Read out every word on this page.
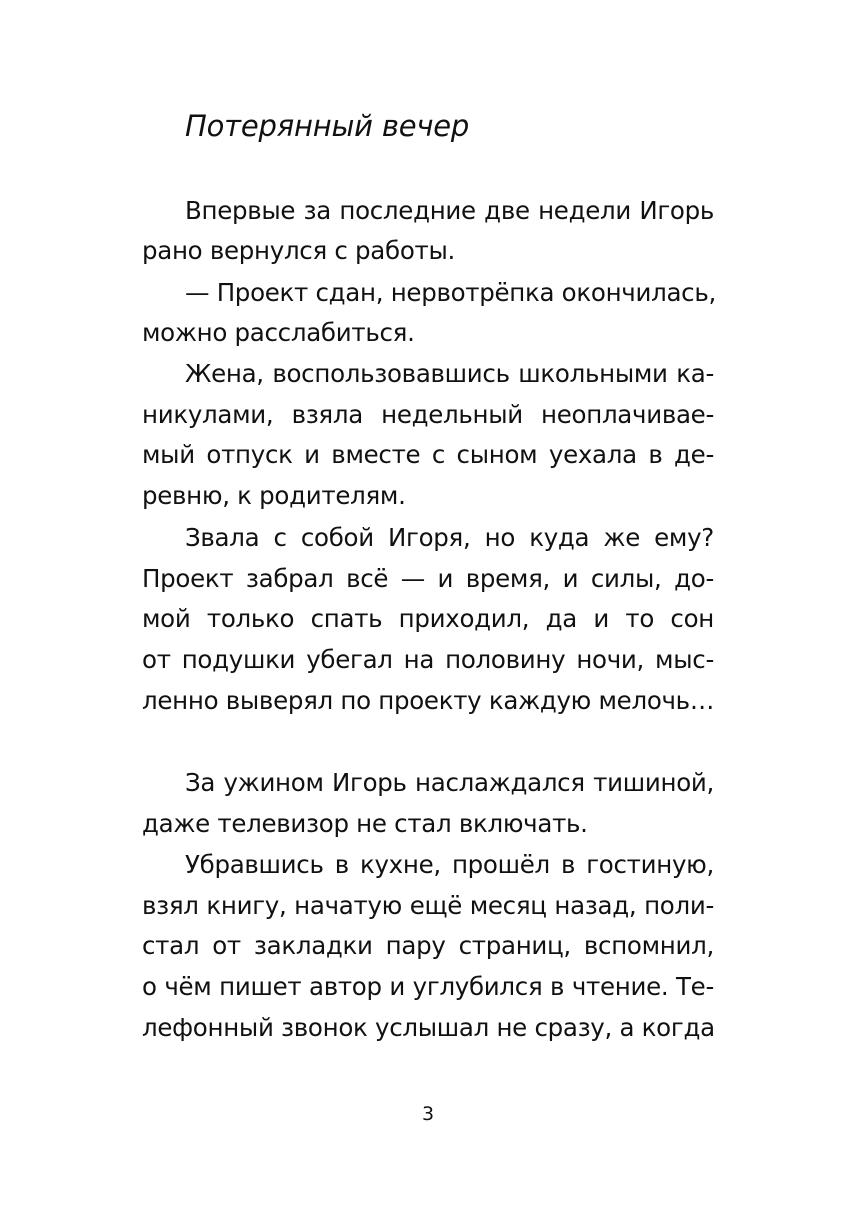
Потерянный вечер
Впервые за последние две недели Игорь
рано вернулся с работы.
— Проект сдан, нервотрёпка окончилась,
можно расслабиться.
Жена, воспользовавшись школьными ка-
никулами, взяла недельный неоплачивае-
мый отпуск и вместе с сыном уехала в де-
ревню, к родителям.
Звала с собой Игоря, но куда же ему?
Проект забрал всё — и время, и силы, до-
мой только спать приходил, да и то сон
от подушки убегал на половину ночи, мыс-
ленно выверял по проекту каждую мелочь…
За ужином Игорь наслаждался тишиной,
даже телевизор не стал включать.
Убравшись в кухне, прошёл в гостиную,
взял книгу, начатую ещё месяц назад, поли-
стал от закладки пару страниц, вспомнил,
о чём пишет автор и углубился в чтение. Те-
лефонный звонок услышал не сразу, а когда
3
